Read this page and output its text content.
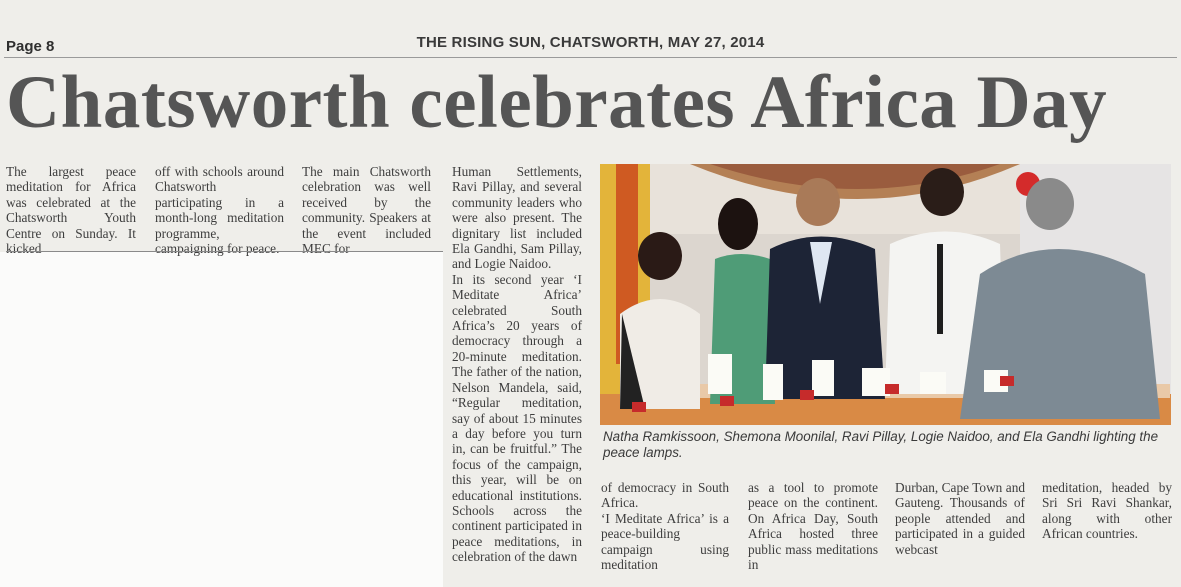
Page 8	THE RISING SUN, CHATSWORTH, MAY 27, 2014
Chatsworth celebrates Africa Day

The largest peace meditation for Africa was celebrated at the Chatsworth Youth Centre on Sunday. It kicked

off with schools around Chatsworth participating in a month-long meditation programme, campaigning for peace.

The main Chatsworth celebration was well received by the community. Speakers at the event included MEC for

Human Settlements, Ravi Pillay, and several community leaders who were also present. The dignitary list included Ela Gandhi, Sam Pillay, and Logie Naidoo.

In its second year ‘I Meditate Africa’ celebrated South Africa’s 20 years of democracy through a 20-minute meditation. The father of the nation, Nelson Mandela, said, “Regular meditation, say of about 15 minutes a day before you turn in, can be fruitful.” The focus of the campaign, this year, will be on educational institutions. Schools across the continent participated in peace meditations, in celebration of the dawn

Natha Ramkissoon, Shemona Moonilal, Ravi Pillay, Logie Naidoo, and Ela Gandhi lighting the peace lamps.

of democracy in South Africa.

‘I Meditate Africa’ is a peace-building campaign using meditation

as a tool to promote peace on the continent. On Africa Day, South Africa hosted three public mass meditations in

Durban, Cape Town and Gauteng. Thousands of people attended and participated in a guided webcast

meditation, headed by Sri Sri Ravi Shankar, along with other African countries.
